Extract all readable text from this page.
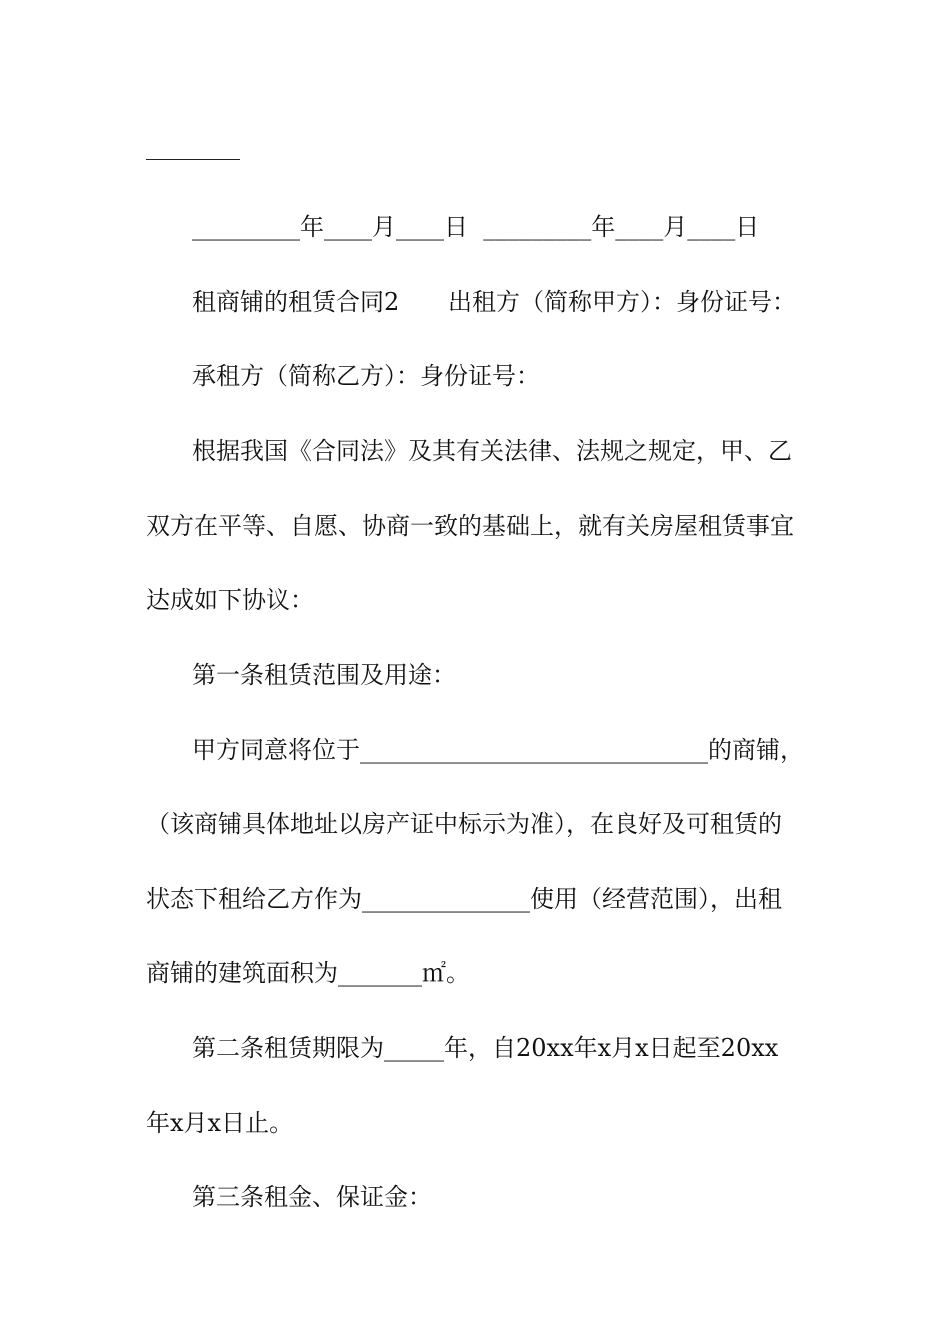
_________年____月____日  _________年____月____日
租商铺的租赁合同2 出租方（简称甲方）：身份证号：
承租方（简称乙方）：身份证号：
根据我国《合同法》及其有关法律、法规之规定，甲、乙
双方在平等、自愿、协商一致的基础上，就有关房屋租赁事宜
达成如下协议：
第一条租赁范围及用途：
甲方同意将位于_____________________________的商铺，
（该商铺具体地址以房产证中标示为准），在良好及可租赁的
状态下租给乙方作为______________使用（经营范围），出租
商铺的建筑面积为_______㎡。
第二条租赁期限为_____年，自20xx年x月x日起至20xx
年x月x日止。
第三条租金、保证金：
